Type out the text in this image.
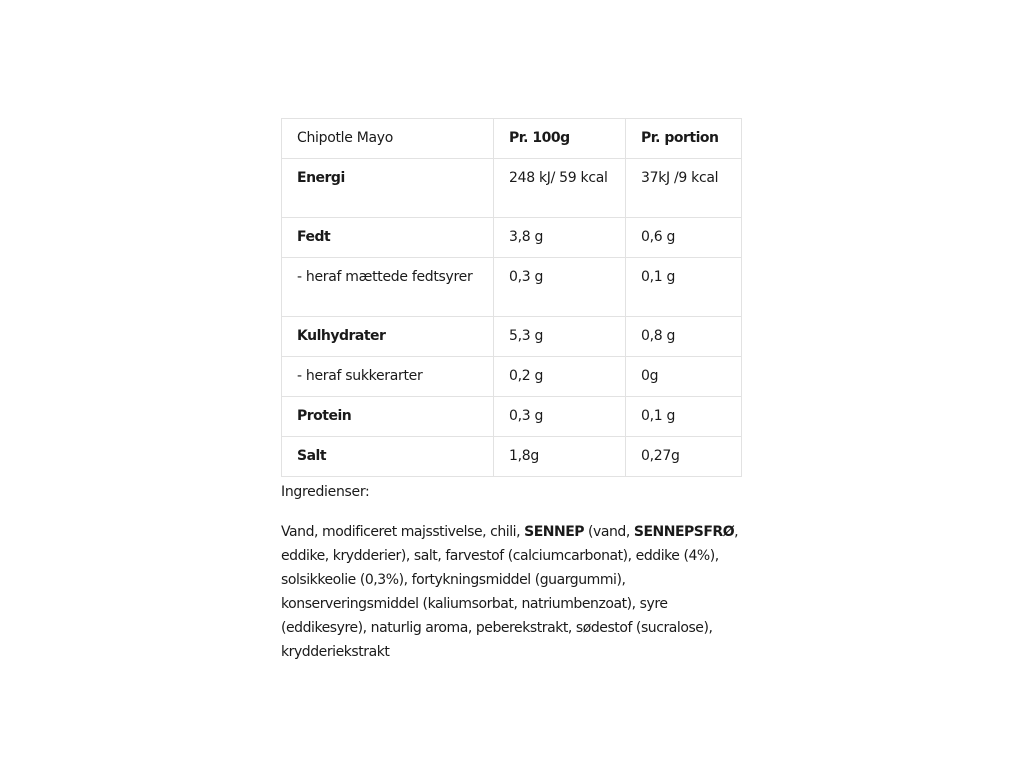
Chipotle Mayo	Pr. 100g	Pr. portion
Energi	248 kJ/ 59 kcal	37kJ /9 kcal
Fedt	3,8 g	0,6 g
- heraf mættede fedtsyrer	0,3 g	0,1 g
Kulhydrater	5,3 g	0,8 g
- heraf sukkerarter	0,2 g	0g
Protein	0,3 g	0,1 g
Salt	1,8g	0,27g
Ingredienser:
Vand, modificeret majsstivelse, chili, SENNEP (vand, SENNEPSFRØ, eddike, krydderier), salt, farvestof (calciumcarbonat), eddike (4%), solsikkeolie (0,3%), fortykningsmiddel (guargummi), konserveringsmiddel (kaliumsorbat, natriumbenzoat), syre (eddikesyre), naturlig aroma, peberekstrakt, sødestof (sucralose), krydderiekstrakt
